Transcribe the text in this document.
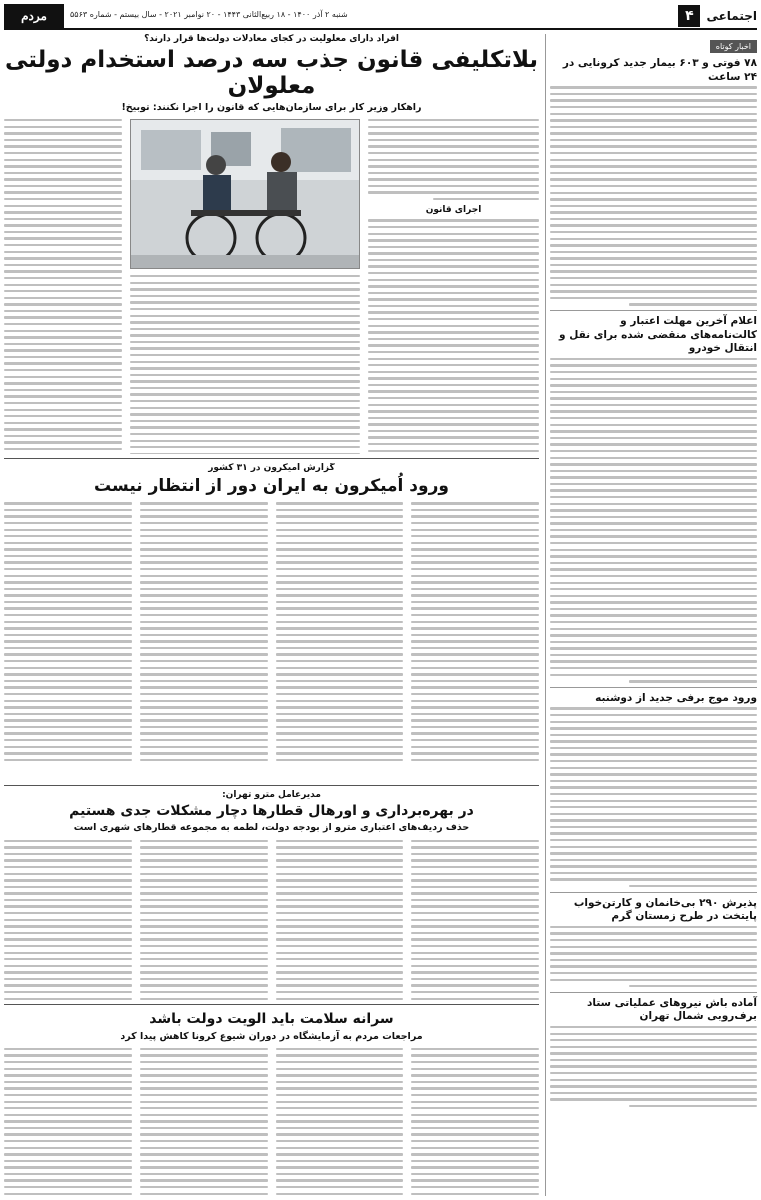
۴	اجتماعی
مردم سالاری
شنبه ۲ آذر ۱۴۰۰ - ۱۸ ربیع‌الثانی ۱۴۴۳ - ۲۰ نوامبر ۲۰۲۱ - سال بیستم - شماره ۵۵۶۳
اخبار کوتاه
۷۸ فوتی و ۶۰۳ بیمار جدید کرونایی در ۲۴ ساعت
اعلام آخرین مهلت اعتبار و کالت‌نامه‌های منقضی شده برای نقل و انتقال خودرو
ورود موج برفی جدید از دوشنبه
پذیرش ۲۹۰ بی‌خانمان و کارتن‌خواب پایتخت در طرح زمستان گرم
آماده باش نیروهای عملیاتی ستاد برف‌روبی شمال تهران
افراد دارای معلولیت در کجای معادلات دولت‌ها قرار دارند؟
بلاتکلیفی قانون جذب سه درصد استخدام دولتی معلولان
راهکار وزیر کار برای سازمان‌هایی که قانون را اجرا نکنند: توبیخ!
اجرای قانون
گزارش امیکرون در ۳۱ کشور
ورود اُمیکرون به ایران دور از انتظار نیست
مدیرعامل مترو تهران:
در بهره‌برداری و اورهال قطارها دچار مشکلات جدی هستیم
حذف ردیف‌های اعتباری مترو از بودجه دولت، لطمه به مجموعه قطارهای شهری است
سرانه سلامت باید الویت دولت باشد
مراجعات مردم به آزمایشگاه در دوران شیوع کرونا کاهش پیدا کرد
